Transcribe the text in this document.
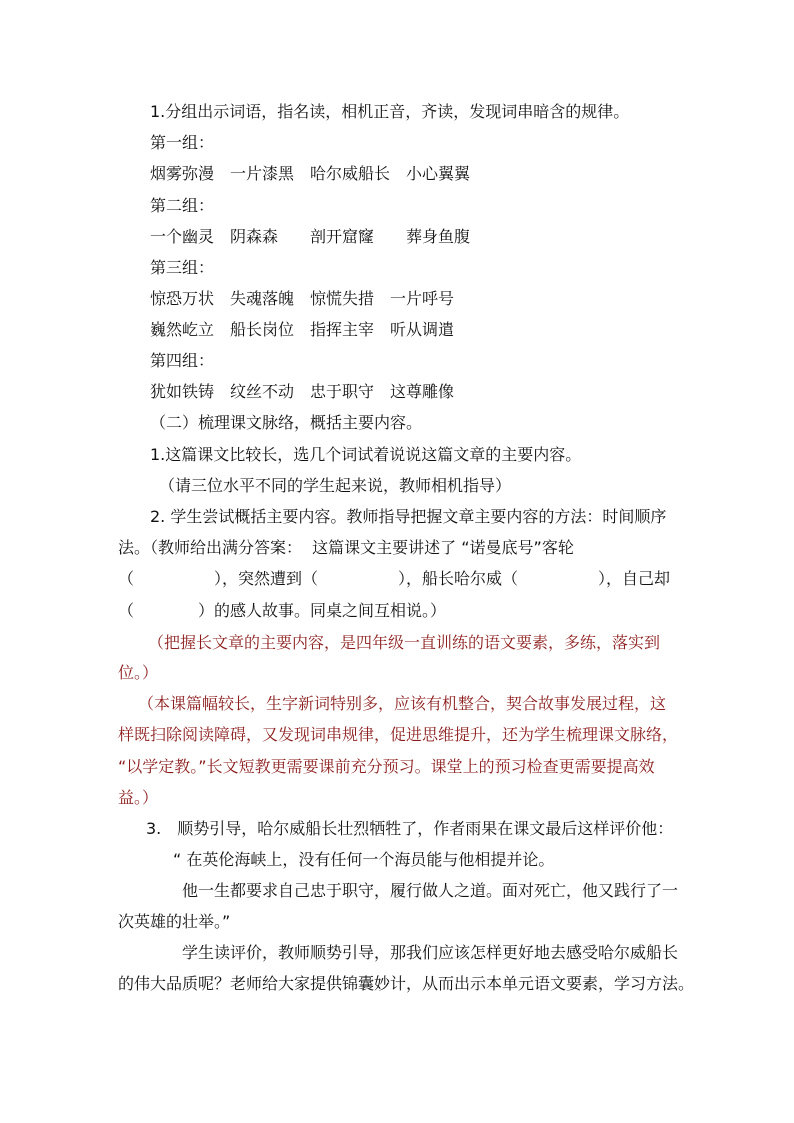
1.分组出示词语，指名读，相机正音，齐读，发现词串暗含的规律。
第一组：
烟雾弥漫　一片漆黑　哈尔威船长　小心翼翼
第二组：
一个幽灵　阴森森　　剖开窟窿　　葬身鱼腹
第三组：
惊恐万状　失魂落魄　惊慌失措　一片呼号
巍然屹立　船长岗位　指挥主宰　听从调遣
第四组：
犹如铁铸　纹丝不动　忠于职守　这尊雕像
（二）梳理课文脉络，概括主要内容。
1.这篇课文比较长，选几个词试着说说这篇文章的主要内容。
（请三位水平不同的学生起来说，教师相机指导）
2. 学生尝试概括主要内容。教师指导把握文章主要内容的方法：时间顺序
法。（教师给出满分答案：  这篇课文主要讲述了 “诺曼底号”客轮
（　　　　　），突然遭到（　　　　　），船长哈尔威（　　　　　），自己却
（　　　　）的感人故事。同桌之间互相说。）
（把握长文章的主要内容，是四年级一直训练的语文要素，多练，落实到
位。）
（本课篇幅较长，生字新词特别多，应该有机整合，契合故事发展过程，这
样既扫除阅读障碍，又发现词串规律，促进思维提升，还为学生梳理课文脉络，
“以学定教。”长文短教更需要课前充分预习。课堂上的预习检查更需要提高效
益。）
3.　顺势引导，哈尔威船长壮烈牺牲了，作者雨果在课文最后这样评价他：
“ 在英伦海峡上，没有任何一个海员能与他相提并论。
他一生都要求自己忠于职守，履行做人之道。面对死亡，他又践行了一
次英雄的壮举。”
学生读评价，教师顺势引导，那我们应该怎样更好地去感受哈尔威船长
的伟大品质呢？老师给大家提供锦囊妙计，从而出示本单元语文要素，学习方法。
